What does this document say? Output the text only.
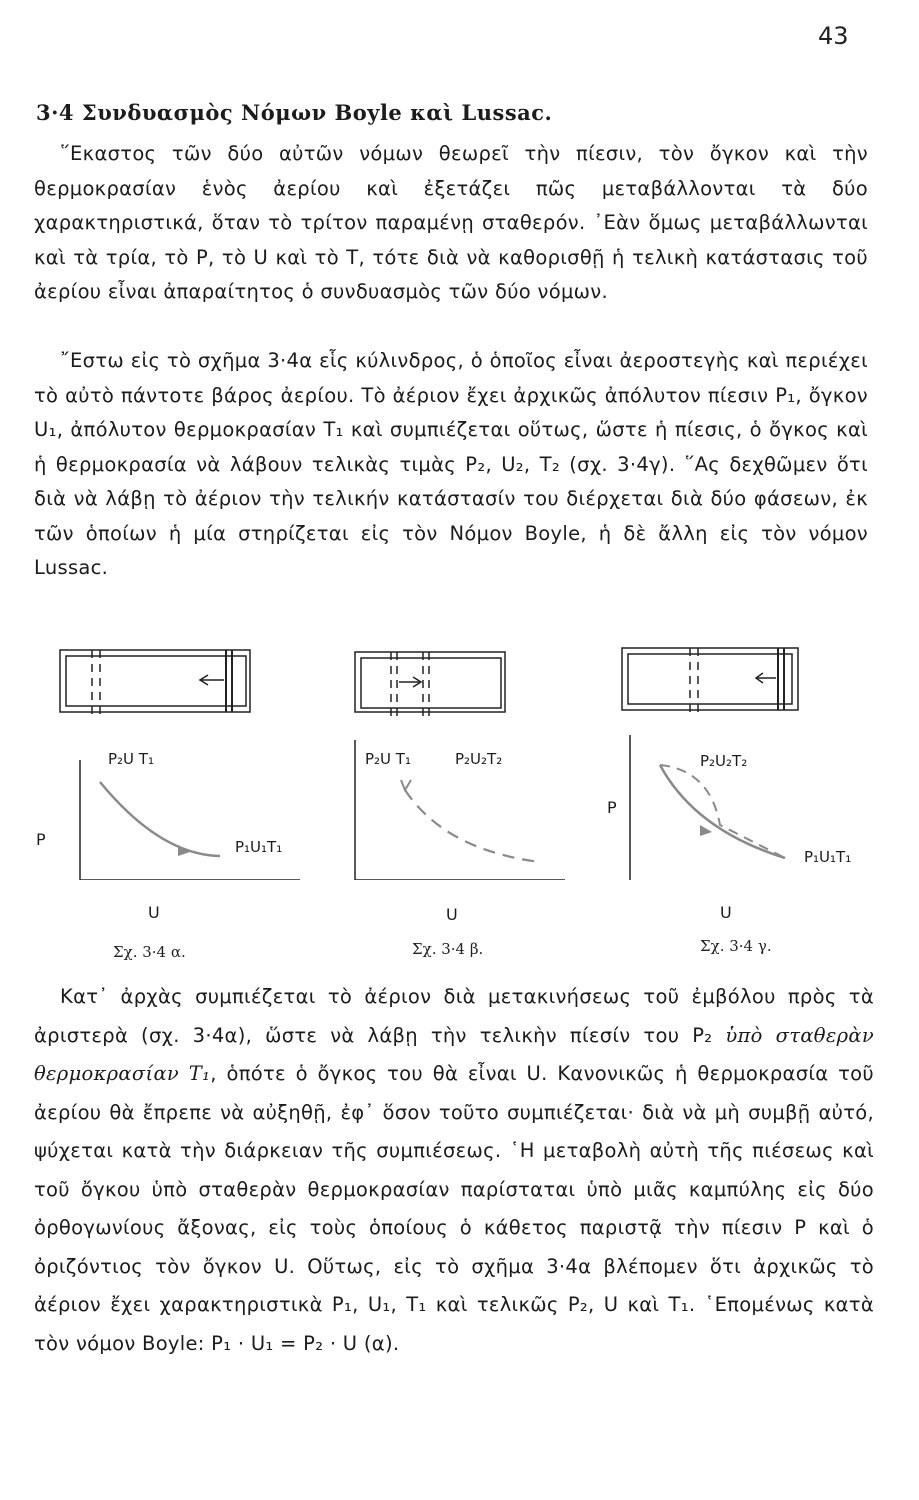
43
3·4 Συνδυασμὸς Νόμων Boyle καὶ Lussac.
῞Εκαστος τῶν δύο αὐτῶν νόμων θεωρεῖ τὴν πίεσιν, τὸν ὄγκον καὶ τὴν θερμοκρασίαν ἑνὸς ἀερίου καὶ ἐξετάζει πῶς μεταβάλλονται τὰ δύο χαρακτηριστικά, ὅταν τὸ τρίτον παραμένῃ σταθερόν. ᾿Εὰν ὅμως μεταβάλλωνται καὶ τὰ τρία, τὸ P, τὸ U καὶ τὸ T, τότε διὰ νὰ καθορισθῇ ἡ τελικὴ κατάστασις τοῦ ἀερίου εἶναι ἀπαραίτητος ὁ συνδυασμὸς τῶν δύο νόμων.
῎Εστω εἰς τὸ σχῆμα 3·4α εἷς κύλινδρος, ὁ ὁποῖος εἶναι ἀεροστεγὴς καὶ περιέχει τὸ αὐτὸ πάντοτε βάρος ἀερίου. Τὸ ἀέριον ἔχει ἀρχικῶς ἀπόλυτον πίεσιν P₁, ὄγκον U₁, ἀπόλυτον θερμοκρασίαν T₁ καὶ συμπιέζεται οὕτως, ὥστε ἡ πίεσις, ὁ ὄγκος καὶ ἡ θερμοκρασία νὰ λάβουν τελικὰς τιμὰς P₂, U₂, T₂ (σχ. 3·4γ). ῞Ας δεχθῶμεν ὅτι διὰ νὰ λάβῃ τὸ ἀέριον τὴν τελικήν κατάστασίν του διέρχεται διὰ δύο φάσεων, ἐκ τῶν ὁποίων ἡ μία στηρίζεται εἰς τὸν Νόμον Boyle, ἡ δὲ ἄλλη εἰς τὸν νόμον Lussac.
P₂U T₁
P₁U₁T₁
P
U
Σχ. 3·4 α.
P₂U T₁	P₂U₂T₂
U
Σχ. 3·4 β.
P₂U₂T₂
P₁U₁T₁
P
U
Σχ. 3·4 γ.
Κατ᾿ ἀρχὰς συμπιέζεται τὸ ἀέριον διὰ μετακινήσεως τοῦ ἐμβόλου πρὸς τὰ ἀριστερὰ (σχ. 3·4α), ὥστε νὰ λάβῃ τὴν τελικὴν πίεσίν του P₂ ὑπὸ σταθερὰν θερμοκρασίαν T₁, ὁπότε ὁ ὄγκος του θὰ εἶναι U. Κανονικῶς ἡ θερμοκρασία τοῦ ἀερίου θὰ ἔπρεπε νὰ αὐξηθῇ, ἐφ᾿ ὅσον τοῦτο συμπιέζεται· διὰ νὰ μὴ συμβῇ αὐτό, ψύχεται κατὰ τὴν διάρκειαν τῆς συμπιέσεως. ῾Η μεταβολὴ αὐτὴ τῆς πιέσεως καὶ τοῦ ὄγκου ὑπὸ σταθερὰν θερμοκρασίαν παρίσταται ὑπὸ μιᾶς καμπύλης εἰς δύο ὀρθογωνίους ἄξονας, εἰς τοὺς ὁποίους ὁ κάθετος παριστᾷ τὴν πίεσιν P καὶ ὁ ὀριζόντιος τὸν ὄγκον U. Οὕτως, εἰς τὸ σχῆμα 3·4α βλέπομεν ὅτι ἀρχικῶς τὸ ἀέριον ἔχει χαρακτηριστικὰ P₁, U₁, T₁ καὶ τελικῶς P₂, U καὶ T₁. ῾Επομένως κατὰ τὸν νόμον Boyle: P₁ · U₁ = P₂ · U (α).
